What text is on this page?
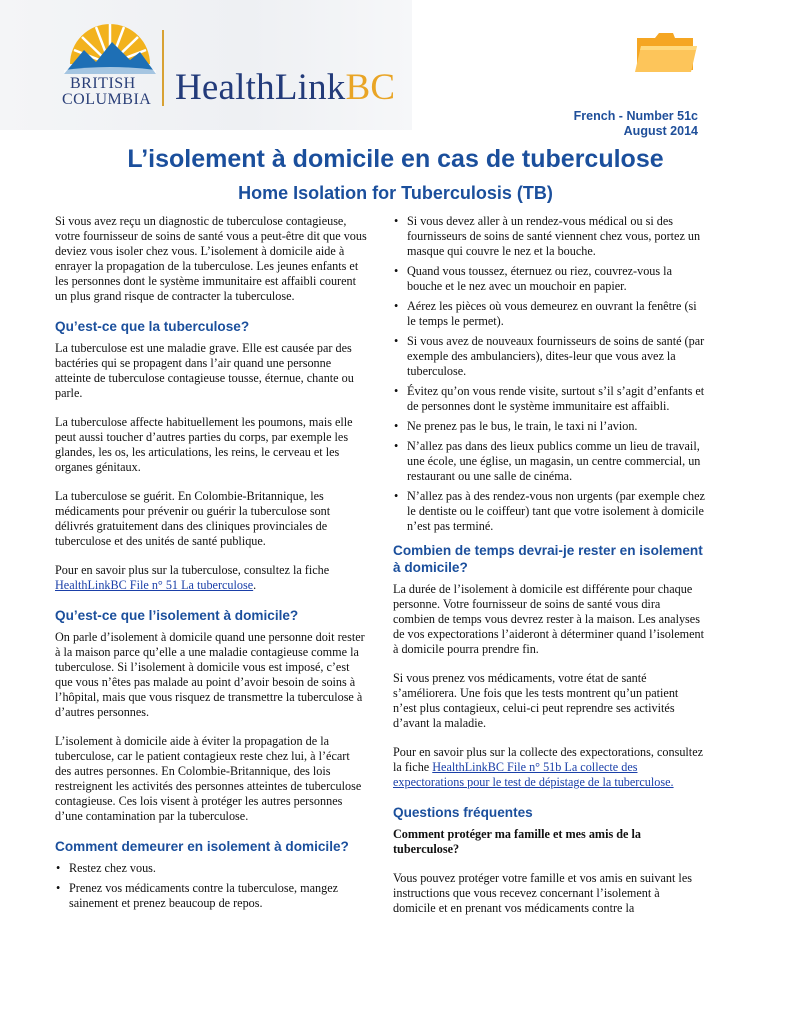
BRITISH
COLUMBIA HealthLinkBC
French - Number 51c
August 2014
L’isolement à domicile en cas de tuberculose
Home Isolation for Tuberculosis (TB)

Si vous avez reçu un diagnostic de tuberculose contagieuse, votre fournisseur de soins de santé vous a peut-être dit que vous deviez vous isoler chez vous. L’isolement à domicile aide à enrayer la propagation de la tuberculose. Les jeunes enfants et les personnes dont le système immunitaire est affaibli courent un plus grand risque de contracter la tuberculose.

Qu’est-ce que la tuberculose?

La tuberculose est une maladie grave. Elle est causée par des bactéries qui se propagent dans l’air quand une personne atteinte de tuberculose contagieuse tousse, éternue, chante ou parle.

La tuberculose affecte habituellement les poumons, mais elle peut aussi toucher d’autres parties du corps, par exemple les glandes, les os, les articulations, les reins, le cerveau et les organes génitaux.

La tuberculose se guérit. En Colombie-Britannique, les médicaments pour prévenir ou guérir la tuberculose sont délivrés gratuitement dans des cliniques provinciales de tuberculose et des unités de santé publique.

Pour en savoir plus sur la tuberculose, consultez la fiche HealthLinkBC File n° 51 La tuberculose.

Qu’est-ce que l’isolement à domicile?

On parle d’isolement à domicile quand une personne doit rester à la maison parce qu’elle a une maladie contagieuse comme la tuberculose. Si l’isolement à domicile vous est imposé, c’est que vous n’êtes pas malade au point d’avoir besoin de soins à l’hôpital, mais que vous risquez de transmettre la tuberculose à d’autres personnes.

L’isolement à domicile aide à éviter la propagation de la tuberculose, car le patient contagieux reste chez lui, à l’écart des autres personnes. En Colombie-Britannique, des lois restreignent les activités des personnes atteintes de tuberculose contagieuse. Ces lois visent à protéger les autres personnes d’une contamination par la tuberculose.

Comment demeurer en isolement à domicile?
• Restez chez vous.
• Prenez vos médicaments contre la tuberculose, mangez sainement et prenez beaucoup de repos.
• Si vous devez aller à un rendez-vous médical ou si des fournisseurs de soins de santé viennent chez vous, portez un masque qui couvre le nez et la bouche.
• Quand vous toussez, éternuez ou riez, couvrez-vous la bouche et le nez avec un mouchoir en papier.
• Aérez les pièces où vous demeurez en ouvrant la fenêtre (si le temps le permet).
• Si vous avez de nouveaux fournisseurs de soins de santé (par exemple des ambulanciers), dites-leur que vous avez la tuberculose.
• Évitez qu’on vous rende visite, surtout s’il s’agit d’enfants et de personnes dont le système immunitaire est affaibli.
• Ne prenez pas le bus, le train, le taxi ni l’avion.
• N’allez pas dans des lieux publics comme un lieu de travail, une école, une église, un magasin, un centre commercial, un restaurant ou une salle de cinéma.
• N’allez pas à des rendez-vous non urgents (par exemple chez le dentiste ou le coiffeur) tant que votre isolement à domicile n’est pas terminé.
Combien de temps devrai-je rester en isolement à domicile?

La durée de l’isolement à domicile est différente pour chaque personne. Votre fournisseur de soins de santé vous dira combien de temps vous devrez rester à la maison. Les analyses de vos expectorations l’aideront à déterminer quand l’isolement à domicile pourra prendre fin.

Si vous prenez vos médicaments, votre état de santé s’améliorera. Une fois que les tests montrent qu’un patient n’est plus contagieux, celui-ci peut reprendre ses activités d’avant la maladie.

Pour en savoir plus sur la collecte des expectorations, consultez la fiche HealthLinkBC File n° 51b La collecte des expectorations pour le test de dépistage de la tuberculose.

Questions fréquentes

Comment protéger ma famille et mes amis de la tuberculose?

Vous pouvez protéger votre famille et vos amis en suivant les instructions que vous recevez concernant l’isolement à domicile et en prenant vos médicaments contre la
